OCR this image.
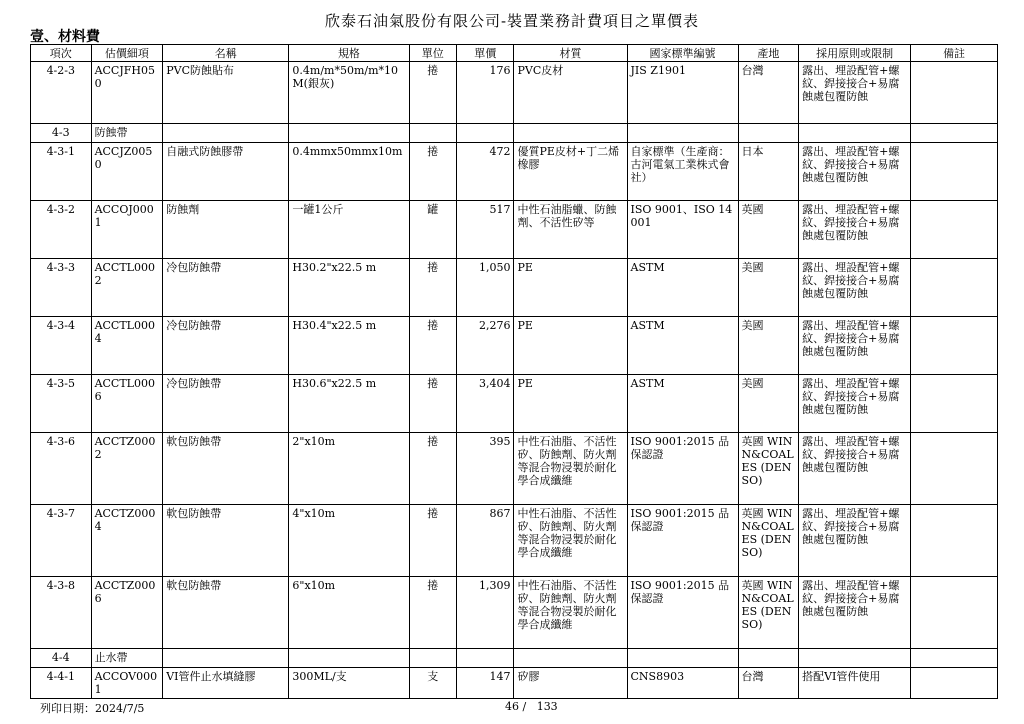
欣泰石油氣股份有限公司-裝置業務計費項目之單價表
壹、材料費
項次	估價細項	名稱	規格	單位	單價	材質	國家標準編號	產地	採用原則或限制	備註
4-2-3	ACCJFH050	PVC防蝕貼布	0.4m/m*50m/m*10M(銀灰)	捲	176	PVC皮材	JIS Z1901	台灣	露出、埋設配管+螺紋、銲接接合+易腐蝕處包覆防蝕	
4-3	防蝕帶									
4-3-1	ACCJZ0050	自融式防蝕膠帶	0.4mmx50mmx10m	捲	472	優質PE皮材+丁二烯橡膠	自家標準（生產商：古河電氣工業株式會社）	日本	露出、埋設配管+螺紋、銲接接合+易腐蝕處包覆防蝕	
4-3-2	ACCOJ0001	防蝕劑	一罐1公斤	罐	517	中性石油脂蠟、防蝕劑、不活性矽等	ISO 9001、ISO 14001	英國	露出、埋設配管+螺紋、銲接接合+易腐蝕處包覆防蝕	
4-3-3	ACCTL0002	冷包防蝕帶	H30.2"x22.5 m	捲	1,050	PE	ASTM	美國	露出、埋設配管+螺紋、銲接接合+易腐蝕處包覆防蝕	
4-3-4	ACCTL0004	冷包防蝕帶	H30.4"x22.5 m	捲	2,276	PE	ASTM	美國	露出、埋設配管+螺紋、銲接接合+易腐蝕處包覆防蝕	
4-3-5	ACCTL0006	冷包防蝕帶	H30.6"x22.5 m	捲	3,404	PE	ASTM	美國	露出、埋設配管+螺紋、銲接接合+易腐蝕處包覆防蝕	
4-3-6	ACCTZ0002	軟包防蝕帶	2"x10m	捲	395	中性石油脂、不活性矽、防蝕劑、防火劑等混合物浸製於耐化學合成纖維	ISO 9001:2015 品保認證	英國 WINN&COALES (DENSO)	露出、埋設配管+螺紋、銲接接合+易腐蝕處包覆防蝕	
4-3-7	ACCTZ0004	軟包防蝕帶	4"x10m	捲	867	中性石油脂、不活性矽、防蝕劑、防火劑等混合物浸製於耐化學合成纖維	ISO 9001:2015 品保認證	英國 WINN&COALES (DENSO)	露出、埋設配管+螺紋、銲接接合+易腐蝕處包覆防蝕	
4-3-8	ACCTZ0006	軟包防蝕帶	6"x10m	捲	1,309	中性石油脂、不活性矽、防蝕劑、防火劑等混合物浸製於耐化學合成纖維	ISO 9001:2015 品保認證	英國 WINN&COALES (DENSO)	露出、埋設配管+螺紋、銲接接合+易腐蝕處包覆防蝕	
4-4	止水帶									
4-4-1	ACCOV0001	VI管件止水填縫膠	300ML/支	支	147	矽膠	CNS8903	台灣	搭配VI管件使用	
列印日期：2024/7/5	46 /   133
